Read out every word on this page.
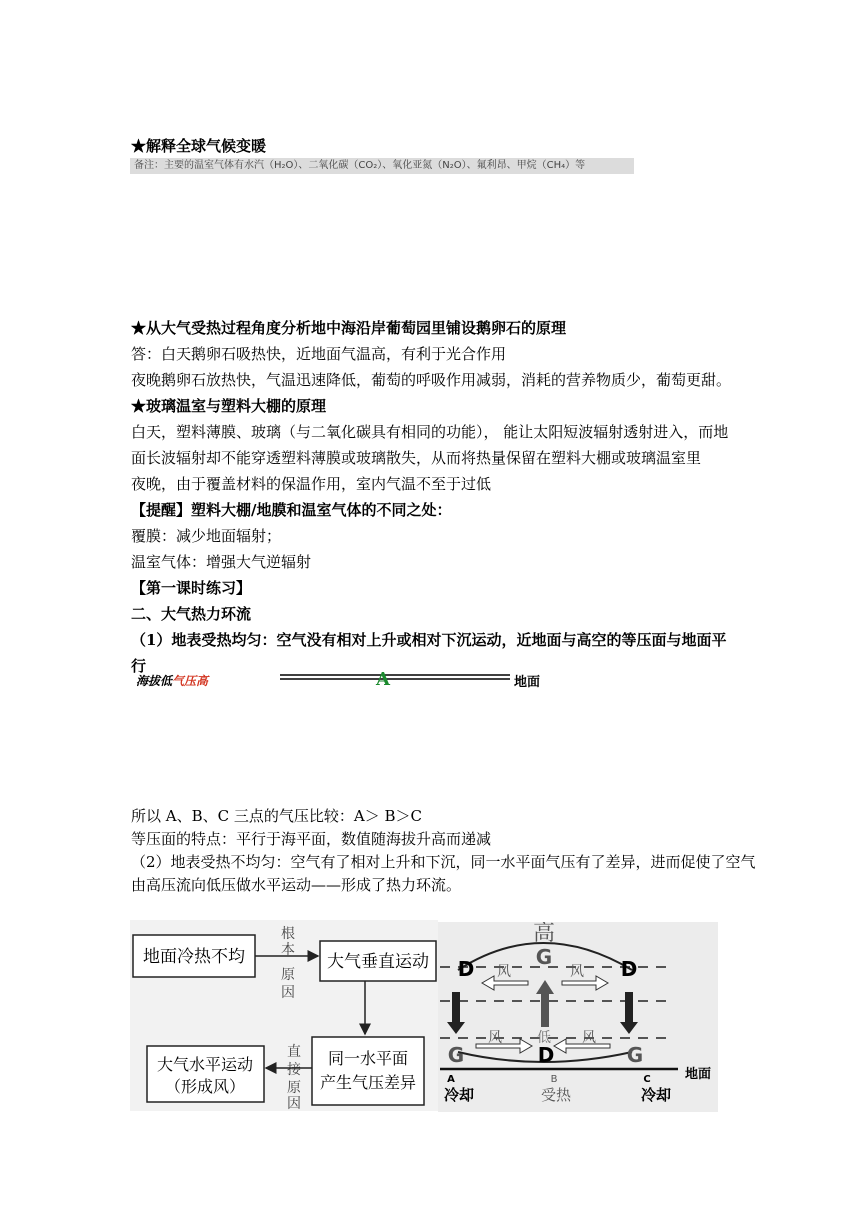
★解释全球气候变暖
备注：主要的温室气体有水汽（H₂O）、二氧化碳（CO₂）、氧化亚氮（N₂O）、氟利昂、甲烷（CH₄）等
★从大气受热过程角度分析地中海沿岸葡萄园里铺设鹅卵石的原理
答：白天鹅卵石吸热快，近地面气温高，有利于光合作用
夜晚鹅卵石放热快，气温迅速降低，葡萄的呼吸作用减弱，消耗的营养物质少，葡萄更甜。
★玻璃温室与塑料大棚的原理
白天，塑料薄膜、玻璃（与二氧化碳具有相同的功能）， 能让太阳短波辐射透射进入，而地
面长波辐射却不能穿透塑料薄膜或玻璃散失，从而将热量保留在塑料大棚或玻璃温室里
夜晚，由于覆盖材料的保温作用，室内气温不至于过低
【提醒】塑料大棚/地膜和温室气体的不同之处：
覆膜：减少地面辐射；
温室气体：增强大气逆辐射
【第一课时练习】
二、大气热力环流
（1）地表受热均匀：空气没有相对上升或相对下沉运动，近地面与高空的等压面与地面平
行
海拔低气压高	A	地面
所以 A、B、C 三点的气压比较：A＞ B＞C
等压面的特点：平行于海平面，数值随海拔升高而递减
（2）地表受热不均匀：空气有了相对上升和下沉，同一水平面气压有了差异，进而促使了空气
由高压流向低压做水平运动——形成了热力环流。
地面冷热不均
根
本
原
因
大气垂直运动
同一水平面
产生气压差异
直
接
原
因
大气水平运动
（形成风）
高
G
D	D
风	风
低
风	风
G	D	G
地面
A	B	C
冷却	受热	冷却
